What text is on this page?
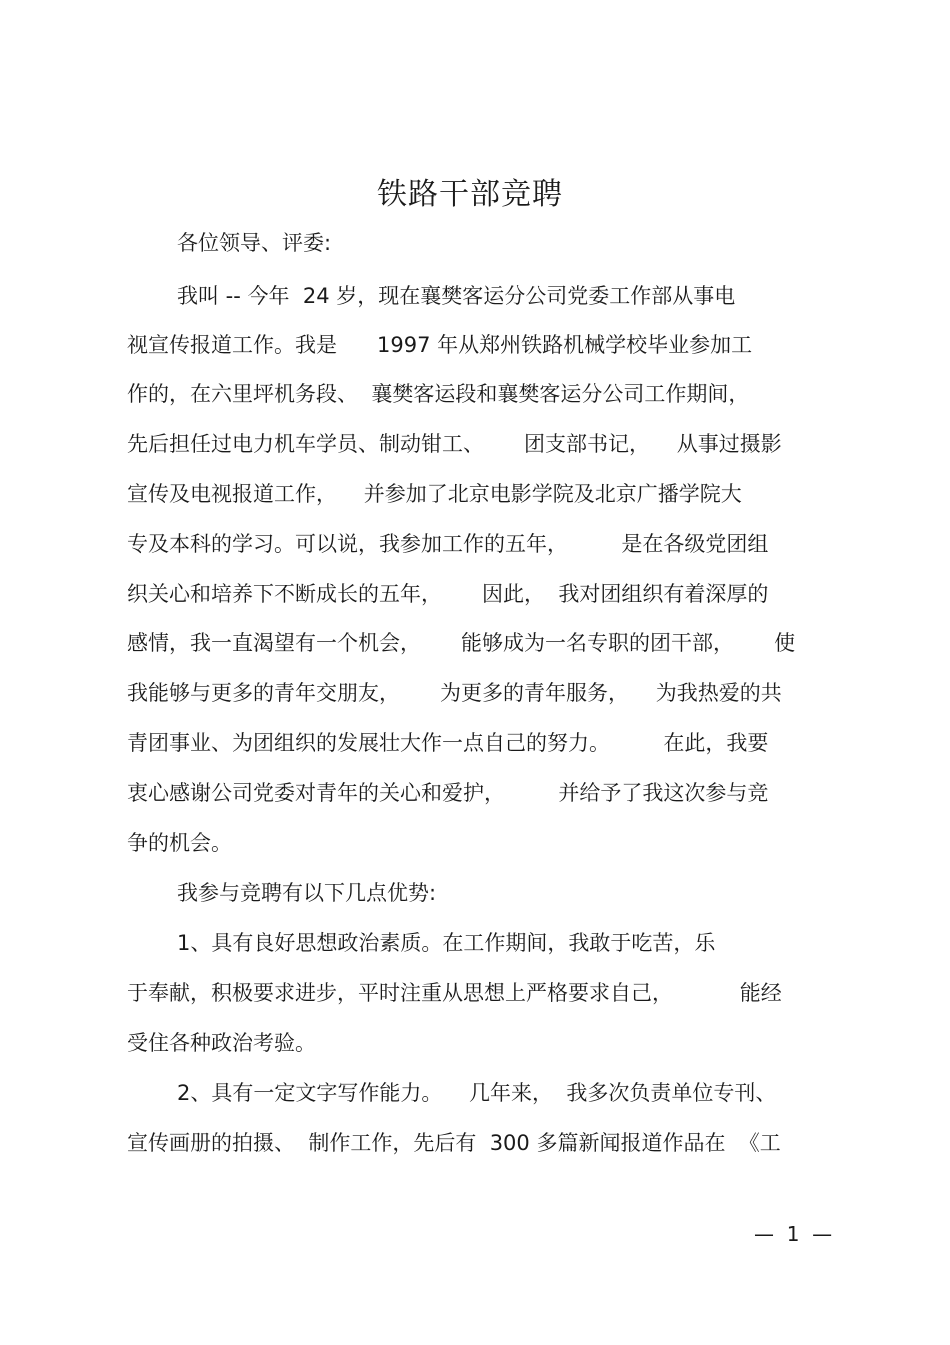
铁路干部竞聘
各位领导、评委:
我叫 -- 今年  24 岁，现在襄樊客运分公司党委工作部从事电
视宣传报道工作。我是      1997 年从郑州铁路机械学校毕业参加工
作的，在六里坪机务段、  襄樊客运段和襄樊客运分公司工作期间，
先后担任过电力机车学员、制动钳工、      团支部书记，    从事过摄影
宣传及电视报道工作，    并参加了北京电影学院及北京广播学院大
专及本科的学习。可以说，我参加工作的五年，        是在各级党团组
织关心和培养下不断成长的五年，      因此，  我对团组织有着深厚的
感情，我一直渴望有一个机会，      能够成为一名专职的团干部，      使
我能够与更多的青年交朋友，      为更多的青年服务，    为我热爱的共
青团事业、为团组织的发展壮大作一点自己的努力。        在此，我要
衷心感谢公司党委对青年的关心和爱护，        并给予了我这次参与竞
争的机会。
我参与竞聘有以下几点优势:
1、具有良好思想政治素质。在工作期间，我敢于吃苦，乐
于奉献，积极要求进步，平时注重从思想上严格要求自己，          能经
受住各种政治考验。
2、具有一定文字写作能力。    几年来，  我多次负责单位专刊、
宣传画册的拍摄、  制作工作，先后有  300 多篇新闻报道作品在  《工
—  1  —
